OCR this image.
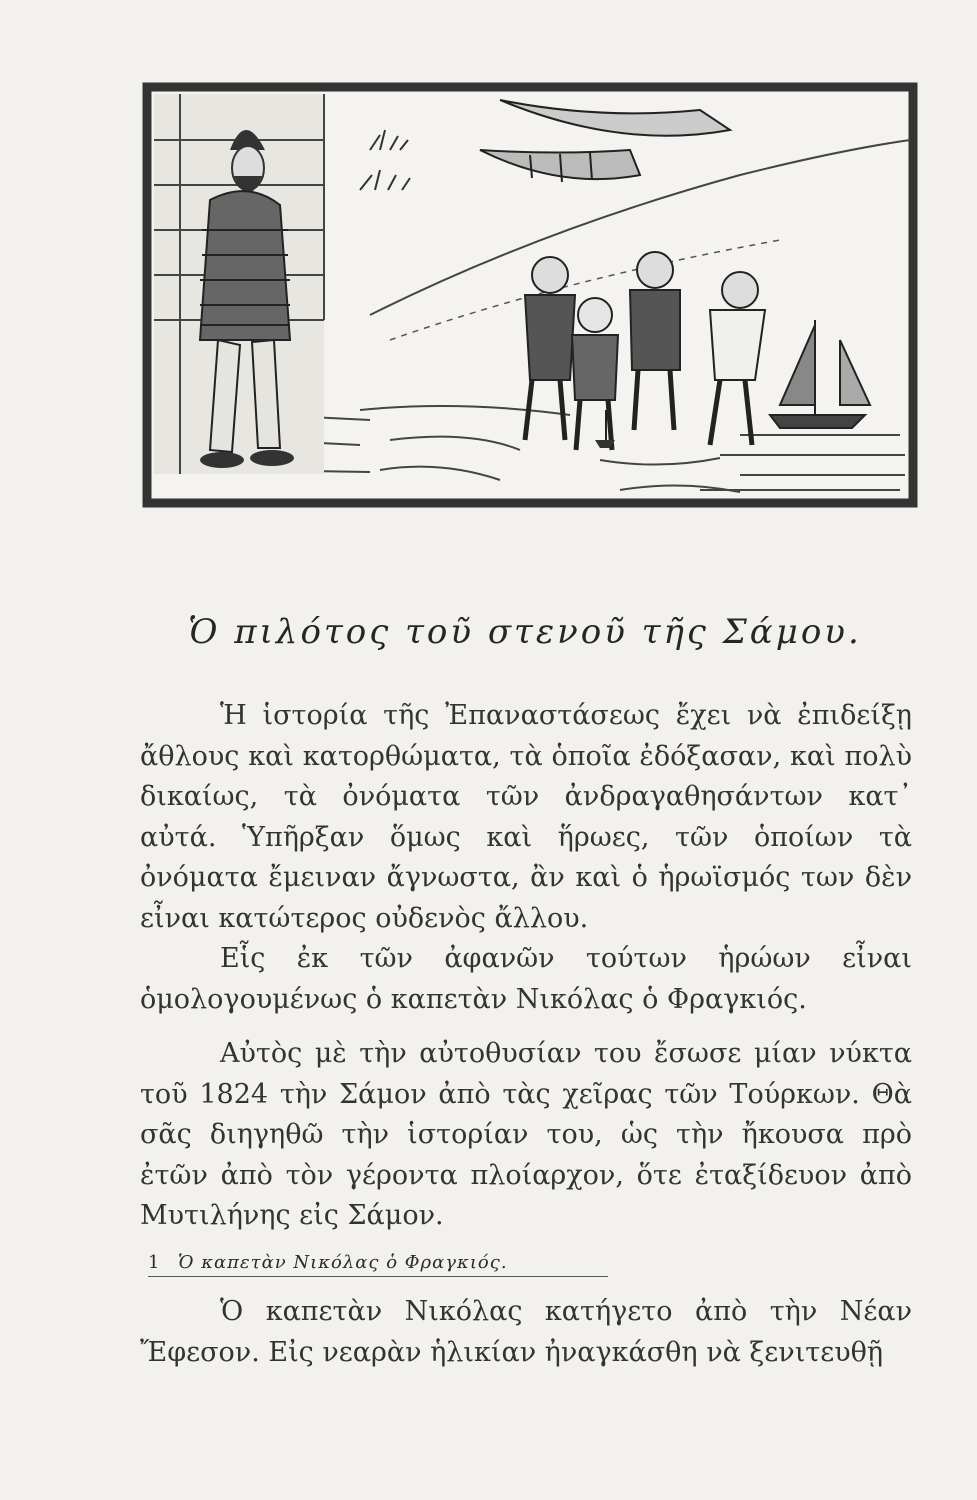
Ὁ πιλότος τοῦ στενοῦ τῆς Σάμου.

Ἡ ἱστορία τῆς Ἐπαναστάσεως ἔχει νὰ ἐπιδείξῃ ἄθλους καὶ κατορθώματα, τὰ ὁποῖα ἐδόξασαν, καὶ πολὺ δικαίως, τὰ ὀνόματα τῶν ἀνδραγαθησάντων κατ᾿ αὐτά. Ὑπῆρξαν ὅμως καὶ ἥρωες, τῶν ὁποίων τὰ ὀνόματα ἔμειναν ἄγνωστα, ἂν καὶ ὁ ἡρωϊσμός των δὲν εἶναι κατώτερος οὐδενὸς ἄλλου.

Εἷς ἐκ τῶν ἀφανῶν τούτων ἡρώων εἶναι ὁμολογουμένως ὁ καπετὰν Νικόλας ὁ Φραγκιός.

Αὐτὸς μὲ τὴν αὐτοθυσίαν του ἔσωσε μίαν νύκτα τοῦ 1824 τὴν Σάμον ἀπὸ τὰς χεῖρας τῶν Τούρκων. Θὰ σᾶς διηγηθῶ τὴν ἱστορίαν του, ὡς τὴν ἤκουσα πρὸ ἐτῶν ἀπὸ τὸν γέροντα πλοίαρχον, ὅτε ἐταξίδευον ἀπὸ Μυτιλήνης εἰς Σάμον.

1 Ὁ καπετὰν Νικόλας ὁ Φραγκιός.

Ὁ καπετὰν Νικόλας κατήγετο ἀπὸ τὴν Νέαν Ἔφεσον. Εἰς νεαρὰν ἡλικίαν ἠναγκάσθη νὰ ξενιτευθῇ
